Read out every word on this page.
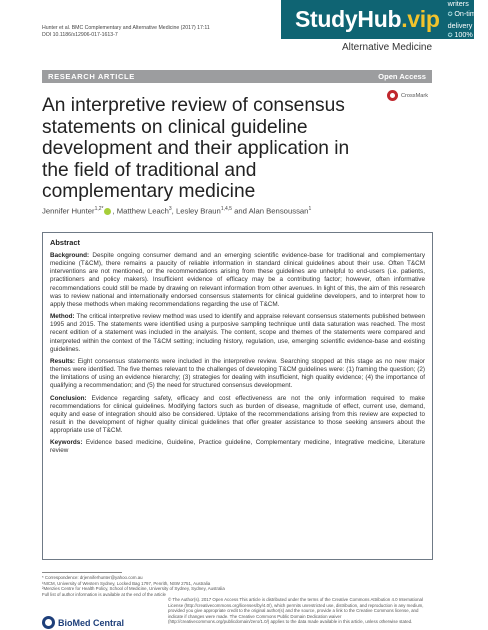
Hunter et al. BMC Complementary and Alternative Medicine (2017) 17:11
DOI 10.1186/s12906-017-1613-7
Alternative Medicine
StudyHub.vip
✪ writers
✪ On-time delivery
✪ 100% plagiarism free
RESEARCH ARTICLE	Open Access
An interpretive review of consensus statements on clinical guideline development and their application in the field of traditional and complementary medicine
CrossMark
Jennifer Hunter$^{1,2*}$ , Matthew Leach$^3$, Lesley Braun$^{1,4,5}$ and Alan Bensoussan$^1$
Abstract

Background: Despite ongoing consumer demand and an emerging scientific evidence-base for traditional and complementary medicine (T&CM), there remains a paucity of reliable information in standard clinical guidelines about their use. Often T&CM interventions are not mentioned, or the recommendations arising from these guidelines are unhelpful to end-users (i.e. patients, practitioners and policy makers). Insufficient evidence of efficacy may be a contributing factor; however, often informative recommendations could still be made by drawing on relevant information from other avenues. In light of this, the aim of this research was to review national and internationally endorsed consensus statements for clinical guideline developers, and to interpret how to apply these methods when making recommendations regarding the use of T&CM.

Method: The critical interpretive review method was used to identify and appraise relevant consensus statements published between 1995 and 2015. The statements were identified using a purposive sampling technique until data saturation was reached. The most recent edition of a statement was included in the analysis. The content, scope and themes of the statements were compared and interpreted within the context of the T&CM setting; including history, regulation, use, emerging scientific evidence-base and existing guidelines.

Results: Eight consensus statements were included in the interpretive review. Searching stopped at this stage as no new major themes were identified. The five themes relevant to the challenges of developing T&CM guidelines were: (1) framing the question; (2) the limitations of using an evidence hierarchy; (3) strategies for dealing with insufficient, high quality evidence; (4) the importance of qualifying a recommendation; and (5) the need for structured consensus development.

Conclusion: Evidence regarding safety, efficacy and cost effectiveness are not the only information required to make recommendations for clinical guidelines. Modifying factors such as burden of disease, magnitude of effect, current use, demand, equity and ease of integration should also be considered. Uptake of the recommendations arising from this review are expected to result in the development of higher quality clinical guidelines that offer greater assistance to those seeking answers about the appropriate use of T&CM.

Keywords: Evidence based medicine, Guideline, Practice guideline, Complementary medicine, Integrative medicine, Literature review

* Correspondence: drjenniferhunter@yahoo.com.au
¹NICM, University of Western Sydney, Locked Bag 1797, Penrith, NSW 2751, Australia
²Menzies Centre for Health Policy, School of Medicine, University of Sydney, Sydney, Australia
Full list of author information is available at the end of the article
BioMed Central
© The Author(s). 2017 Open Access This article is distributed under the terms of the Creative Commons Attribution 4.0 International License (http://creativecommons.org/licenses/by/4.0/), which permits unrestricted use, distribution, and reproduction in any medium, provided you give appropriate credit to the original author(s) and the source, provide a link to the Creative Commons license, and indicate if changes were made. The Creative Commons Public Domain Dedication waiver (http://creativecommons.org/publicdomain/zero/1.0/) applies to the data made available in this article, unless otherwise stated.
